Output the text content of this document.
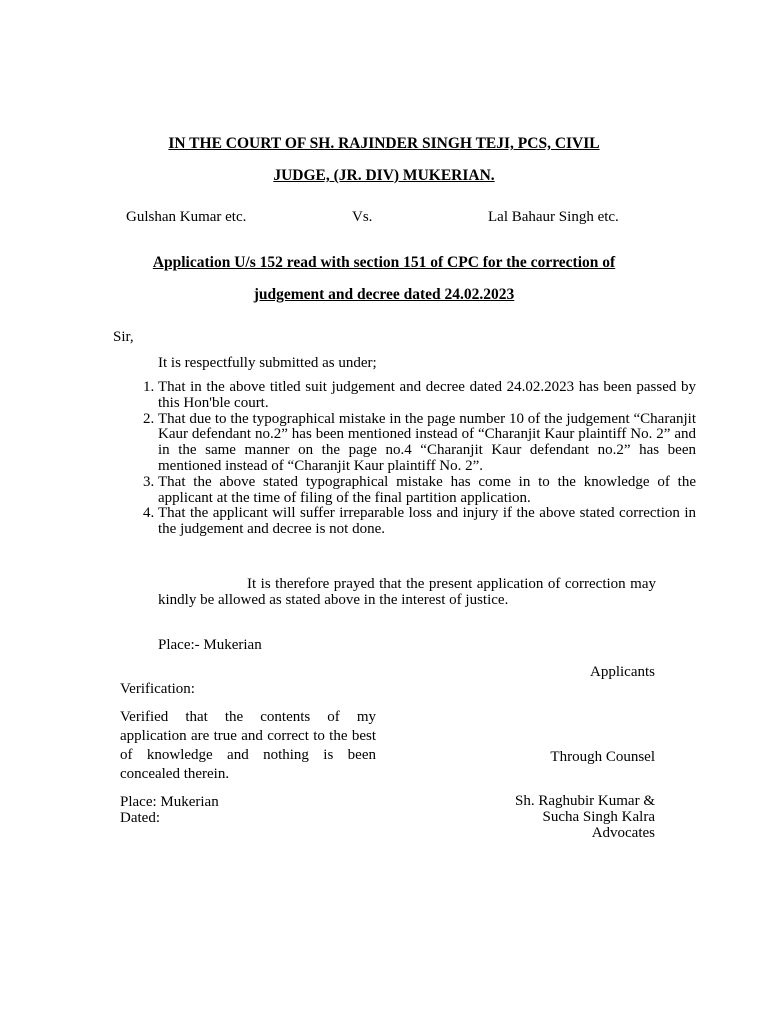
IN THE COURT OF SH. RAJINDER SINGH TEJI, PCS, CIVIL
JUDGE, (JR. DIV) MUKERIAN.
Gulshan Kumar etc.	Vs.	Lal Bahaur Singh etc.
Application U/s 152 read with section 151 of CPC for the correction of
judgement and decree dated 24.02.2023
Sir,
It is respectfully submitted as under;
1. That in the above titled suit judgement and decree dated 24.02.2023 has been passed by this Hon'ble court.
2. That due to the typographical mistake in the page number 10 of the judgement “Charanjit Kaur defendant no.2” has been mentioned instead of “Charanjit Kaur plaintiff No. 2” and in the same manner on the page no.4 “Charanjit Kaur defendant no.2” has been mentioned instead of “Charanjit Kaur plaintiff No. 2”.
3. That the above stated typographical mistake has come in to the knowledge of the applicant at the time of filing of the final partition application.
4. That the applicant will suffer irreparable loss and injury if the above stated correction in the judgement and decree is not done.
It is therefore prayed that the present application of correction may kindly be allowed as stated above in the interest of justice.
Place:- Mukerian
Applicants
Verification:
Verified that the contents of my application are true and correct to the best of knowledge and nothing is been concealed therein.
Place: Mukerian
Dated:
Through Counsel
Sh. Raghubir Kumar &
Sucha Singh Kalra
Advocates
